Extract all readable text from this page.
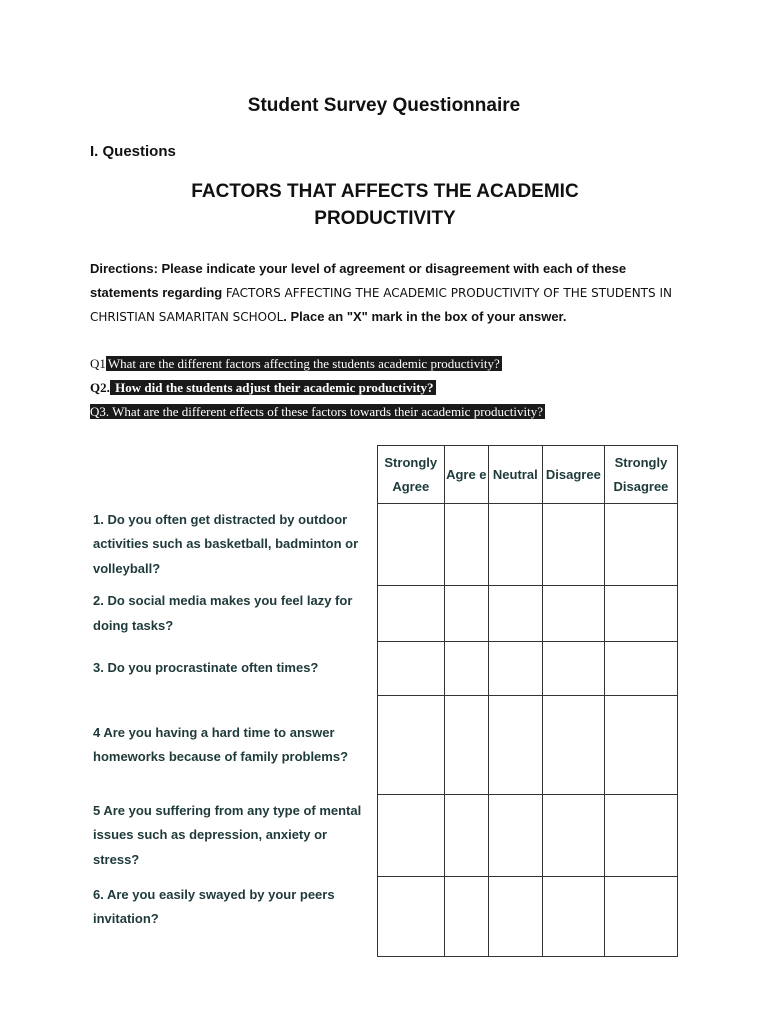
Student Survey Questionnaire
I. Questions
FACTORS THAT AFFECTS THE ACADEMIC PRODUCTIVITY
Directions: Please indicate your level of agreement or disagreement with each of these statements regarding FACTORS AFFECTING THE ACADEMIC PRODUCTIVITY OF THE STUDENTS IN CHRISTIAN SAMARITAN SCHOOL. Place an "X" mark in the box of your answer.
Q1 What are the different factors affecting the students academic productivity?
Q2. How did the students adjust their academic productivity?
Q3. What are the different effects of these factors towards their academic productivity?
	Strongly Agree	Agre e	Neutral	Disagree	Strongly Disagree
1. Do you often get distracted by outdoor activities such as basketball, badminton or volleyball?					
2. Do social media makes you feel lazy for doing tasks?					
3. Do you procrastinate often times?					
4 Are you having a hard time to answer homeworks because of family problems?					
5 Are you suffering from any type of mental issues such as depression, anxiety or stress?					
6. Are you easily swayed by your peers invitation?					
